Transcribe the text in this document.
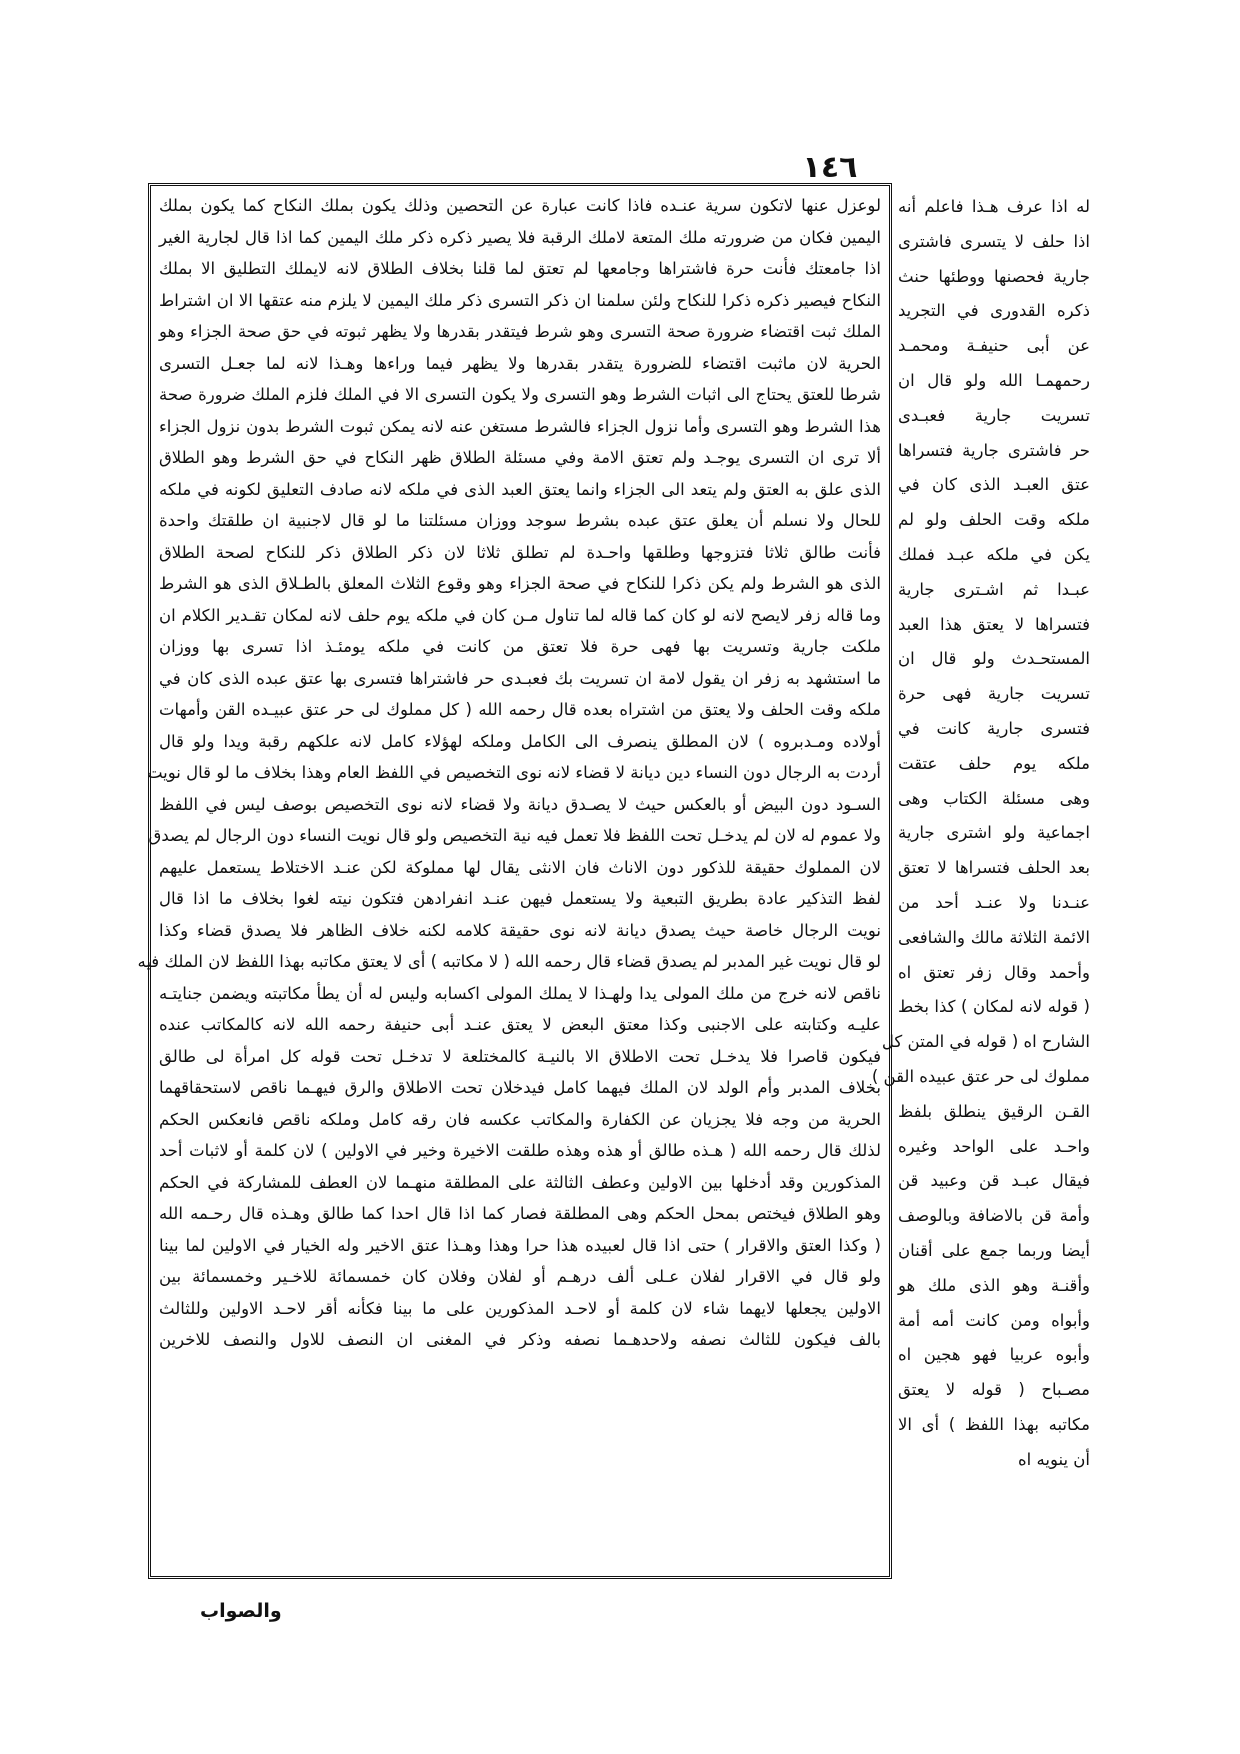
١٤٦
لوعزل عنها لاتكون سرية عنـده فاذا كانت عبارة عن التحصين وذلك يكون بملك النكاح كما يكون بملك
اليمين فكان من ضرورته ملك المتعة لاملك الرقبة فلا يصير ذكره ذكر ملك اليمين كما اذا قال لجارية الغير
اذا جامعتك فأنت حرة فاشتراها وجامعها لم تعتق لما قلنا بخلاف الطلاق لانه لايملك التطليق الا بملك
النكاح فيصير ذكره ذكرا للنكاح ولئن سلمنا ان ذكر التسرى ذكر ملك اليمين لا يلزم منه عتقها الا ان اشتراط
الملك ثبت اقتضاء ضرورة صحة التسرى وهو شرط فيتقدر بقدرها ولا يظهر ثبوته في حق صحة الجزاء وهو
الحرية لان ماثبت اقتضاء للضرورة يتقدر بقدرها ولا يظهر فيما وراءها وهـذا لانه لما جعـل التسرى
شرطا للعتق يحتاج الى اثبات الشرط وهو التسرى ولا يكون التسرى الا في الملك فلزم الملك ضرورة صحة
هذا الشرط وهو التسرى وأما نزول الجزاء فالشرط مستغن عنه لانه يمكن ثبوت الشرط بدون نزول الجزاء
ألا ترى ان التسرى يوجـد ولم تعتق الامة وفي مسئلة الطلاق ظهر النكاح في حق الشرط وهو الطلاق
الذى علق به العتق ولم يتعد الى الجزاء وانما يعتق العبد الذى في ملكه لانه صادف التعليق لكونه في ملكه
للحال ولا نسلم أن يعلق عتق عبده بشرط سوجد ووزان مسئلتنا ما لو قال لاجنبية ان طلقتك واحدة
فأنت طالق ثلاثا فتزوجها وطلقها واحـدة لم تطلق ثلاثا لان ذكر الطلاق ذكر للنكاح لصحة الطلاق
الذى هو الشرط ولم يكن ذكرا للنكاح في صحة الجزاء وهو وقوع الثلاث المعلق بالطـلاق الذى هو الشرط
وما قاله زفر لايصح لانه لو كان كما قاله لما تناول مـن كان في ملكه يوم حلف لانه لمكان تقـدير الكلام ان
ملكت جارية وتسريت بها فهى حرة فلا تعتق من كانت في ملكه يومئـذ اذا تسرى بها ووزان
ما استشهد به زفر ان يقول لامة ان تسريت بك فعبـدى حر فاشتراها فتسرى بها عتق عبده الذى كان في
ملكه وقت الحلف ولا يعتق من اشتراه بعده قال رحمه الله ( كل مملوك لى حر عتق عبيـده القن وأمهات
أولاده ومـدبروه ) لان المطلق ينصرف الى الكامل وملكه لهؤلاء كامل لانه علكهم رقبة ويدا ولو قال
أردت به الرجال دون النساء دين ديانة لا قضاء لانه نوى التخصيص في اللفظ العام وهذا بخلاف ما لو قال نويت
السـود دون البيض أو بالعكس حيث لا يصـدق ديانة ولا قضاء لانه نوى التخصيص بوصف ليس في اللفظ
ولا عموم له لان لم يدخـل تحت اللفظ فلا تعمل فيه نية التخصيص ولو قال نويت النساء دون الرجال لم يصدق
لان المملوك حقيقة للذكور دون الاناث فان الانثى يقال لها مملوكة لكن عنـد الاختلاط يستعمل عليهم
لفظ التذكير عادة بطريق التبعية ولا يستعمل فيهن عنـد انفرادهن فتكون نيته لغوا بخلاف ما اذا قال
نويت الرجال خاصة حيث يصدق ديانة لانه نوى حقيقة كلامه لكنه خلاف الظاهر فلا يصدق قضاء وكذا
لو قال نويت غير المدبر لم يصدق قضاء قال رحمه الله ( لا مكاتبه ) أى لا يعتق مكاتبه بهذا اللفظ لان الملك فيه
ناقص لانه خرج من ملك المولى يدا ولهـذا لا يملك المولى اكسابه وليس له أن يطأ مكاتبته ويضمن جنايتـه
عليـه وكتابته على الاجنبى وكذا معتق البعض لا يعتق عنـد أبى حنيفة رحمه الله لانه كالمكاتب عنده
فيكون قاصرا فلا يدخـل تحت الاطلاق الا بالنيـة كالمختلعة لا تدخـل تحت قوله كل امرأة لى طالق
بخلاف المدبر وأم الولد لان الملك فيهما كامل فيدخلان تحت الاطلاق والرق فيهـما ناقص لاستحقاقهما
الحرية من وجه فلا يجزيان عن الكفارة والمكاتب عكسه فان رقه كامل وملكه ناقص فانعكس الحكم
لذلك قال رحمه الله ( هـذه طالق أو هذه وهذه طلقت الاخيرة وخير في الاولين ) لان كلمة أو لاثبات أحد
المذكورين وقد أدخلها بين الاولين وعطف الثالثة على المطلقة منهـما لان العطف للمشاركة في الحكم
وهو الطلاق فيختص بمحل الحكم وهى المطلقة فصار كما اذا قال احدا كما طالق وهـذه قال رحـمه الله
( وكذا العتق والاقرار ) حتى اذا قال لعبيده هذا حرا وهذا وهـذا عتق الاخير وله الخيار في الاولين لما بينا
ولو قال في الاقرار لفلان عـلى ألف درهـم أو لفلان وفلان كان خمسمائة للاخـير وخمسمائة بين
الاولين يجعلها لايهما شاء لان كلمة أو لاحـد المذكورين على ما بينا فكأنه أقر لاحـد الاولين وللثالث
بالف فيكون للثالث نصفه ولاحدهـما نصفه وذكر في المغنى ان النصف للاول والنصف للاخرين
له اذا عرف هـذا فاعلم أنه
اذا حلف لا يتسرى فاشترى
جارية فحصنها ووطئها حنث
ذكره القدورى في التجريد
عن أبى حنيفـة ومحمـد
رحمهمـا الله ولو قال ان
تسريت جارية فعبـدى
حر فاشترى جارية فتسراها
عتق العبـد الذى كان في
ملكه وقت الحلف ولو لم
يكن في ملكه عبـد فملك
عبـدا ثم اشـترى جارية
فتسراها لا يعتق هذا العبد
المستحـدث ولو قال ان
تسريت جارية فهى حرة
فتسرى جارية كانت في
ملكه يوم حلف عتقت
وهى مسئلة الكتاب وهى
اجماعية ولو اشترى جارية
بعد الحلف فتسراها لا تعتق
عنـدنا ولا عنـد أحد من
الائمة الثلاثة مالك والشافعى
وأحمد وقال زفر تعتق اه
( قوله لانه لمكان ) كذا بخط
الشارح اه ( قوله في المتن كل
مملوك لى حر عتق عبيده القن )
القـن الرقيق ينطلق بلفظ
واحـد على الواحد وغيره
فيقال عبـد قن وعبيد قن
وأمة قن بالاضافة وبالوصف
أيضا وربما جمع على أقنان
وأقنـة وهو الذى ملك هو
وأبواه ومن كانت أمه أمة
وأبوه عربيا فهو هجين اه
مصـباح ( قوله لا يعتق
مكاتبه بهذا اللفظ ) أى الا
أن ينويه اه
والصواب
